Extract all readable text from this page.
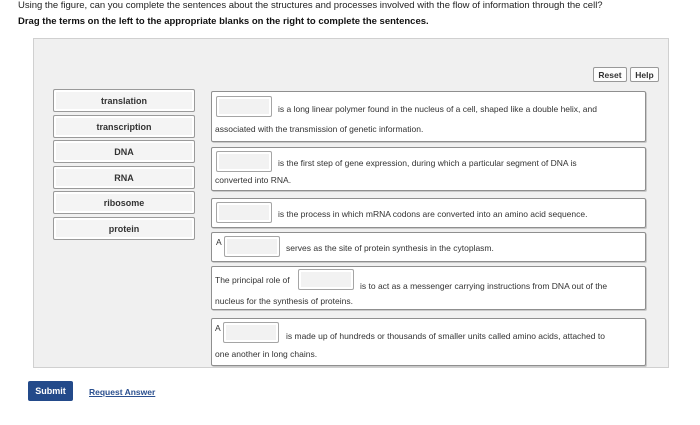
Using the figure, can you complete the sentences about the structures and processes involved with the flow of information through the cell?
Drag the terms on the left to the appropriate blanks on the right to complete the sentences.
Reset	Help
translation
transcription
DNA
RNA
ribosome
protein
is a long linear polymer found in the nucleus of a cell, shaped like a double helix, and
associated with the transmission of genetic information.
is the first step of gene expression, during which a particular segment of DNA is
converted into RNA.
is the process in which mRNA codons are converted into an amino acid sequence.
A
serves as the site of protein synthesis in the cytoplasm.
The principal role of
is to act as a messenger carrying instructions from DNA out of the
nucleus for the synthesis of proteins.
A
is made up of hundreds or thousands of smaller units called amino acids, attached to
one another in long chains.
Submit	Request Answer
